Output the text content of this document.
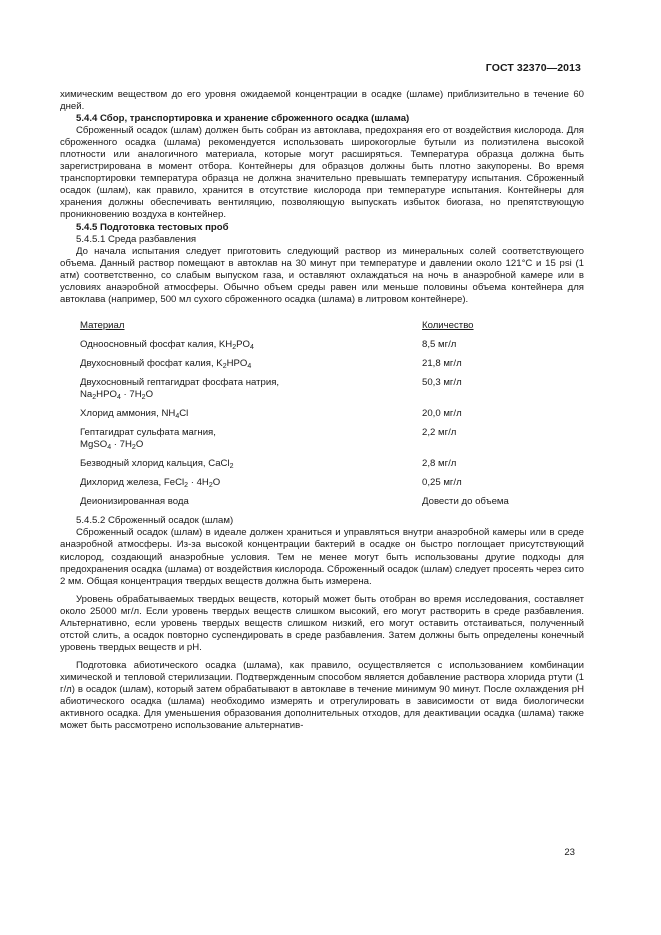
ГОСТ 32370—2013
химическим веществом до его уровня ожидаемой концентрации в осадке (шламе) приблизительно в течение 60 дней.
5.4.4 Сбор, транспортировка и хранение сброженного осадка (шлама)
Сброженный осадок (шлам) должен быть собран из автоклава, предохраняя его от воздействия кислорода. Для сброженного осадка (шлама) рекомендуется использовать широкогорлые бутыли из полиэтилена высокой плотности или аналогичного материала, которые могут расширяться. Температура образца должна быть зарегистрирована в момент отбора. Контейнеры для образцов должны быть плотно закупорены. Во время транспортировки температура образца не должна значительно превышать температуру испытания. Сброженный осадок (шлам), как правило, хранится в отсутствие кислорода при температуре испытания. Контейнеры для хранения должны обеспечивать вентиляцию, позволяющую выпускать избыток биогаза, но препятствующую проникновению воздуха в контейнер.
5.4.5 Подготовка тестовых проб
5.4.5.1 Среда разбавления
До начала испытания следует приготовить следующий раствор из минеральных солей соответствующего объема. Данный раствор помещают в автоклав на 30 минут при температуре и давлении около 121°С и 15 psi (1 атм) соответственно, со слабым выпуском газа, и оставляют охлаждаться на ночь в анаэробной камере или в условиях анаэробной атмосферы. Обычно объем среды равен или меньше половины объема контейнера для автоклава (например, 500 мл сухого сброженного осадка (шлама) в литровом контейнере).
Материал	Количество
Одноосновный фосфат калия, $KH_2PO_4$	8,5 мг/л
Двухосновный фосфат калия, $K_2HPO_4$	21,8 мг/л

Двухосновный гептагидрат фосфата натрия,
$Na_2HPO_4 \cdot 7H_2O$	50,3 мг/л
Хлорид аммония, $NH_4Cl$	20,0 мг/л

Гептагидрат сульфата магния,
MgSO$_4$ · $7H_2O$	2,2 мг/л
Безводный хлорид кальция, CaCl$_2$	2,8 мг/л
Дихлорид железа, FeCl$_2$ · $4H_2O$	0,25 мг/л
Деионизированная вода	Довести до объема
5.4.5.2 Сброженный осадок (шлам)
Сброженный осадок (шлам) в идеале должен храниться и управляться внутри анаэробной камеры или в среде анаэробной атмосферы. Из-за высокой концентрации бактерий в осадке он быстро поглощает присутствующий кислород, создающий анаэробные условия. Тем не менее могут быть использованы другие подходы для предохранения осадка (шлама) от воздействия кислорода. Сброженный осадок (шлам) следует просеять через сито 2 мм. Общая концентрация твердых веществ должна быть измерена.
Уровень обрабатываемых твердых веществ, который может быть отобран во время исследования, составляет около 25000 мг/л. Если уровень твердых веществ слишком высокий, его могут растворить в среде разбавления. Альтернативно, если уровень твердых веществ слишком низкий, его могут оставить отстаиваться, полученный отстой слить, а осадок повторно суспендировать в среде разбавления. Затем должны быть определены конечный уровень твердых веществ и pH.
Подготовка абиотического осадка (шлама), как правило, осуществляется с использованием комбинации химической и тепловой стерилизации. Подтвержденным способом является добавление раствора хлорида ртути (1 г/л) в осадок (шлам), который затем обрабатывают в автоклаве в течение минимум 90 минут. После охлаждения pH абиотического осадка (шлама) необходимо измерять и отрегулировать в зависимости от вида биологически активного осадка. Для уменьшения образования дополнительных отходов, для деактивации осадка (шлама) также может быть рассмотрено использование альтернатив-
23
